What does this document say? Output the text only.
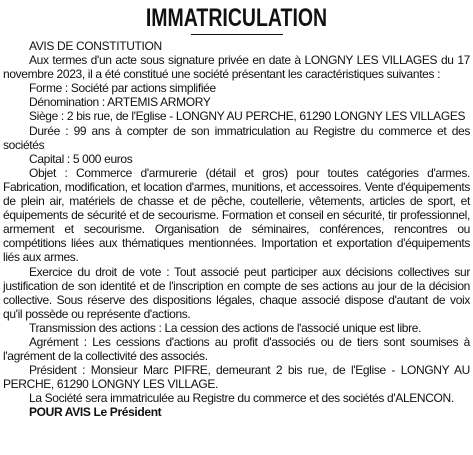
IMMATRICULATION

AVIS DE CONSTITUTION

Aux termes d'un acte sous signature privée en date à LONGNY LES VILLAGES du 17 novembre 2023, il a été constitué une société présentant les caractéristiques suivantes :

Forme : Société par actions simplifiée

Dénomination : ARTEMIS ARMORY

Siège : 2 bis rue, de l'Eglise - LONGNY AU PERCHE, 61290 LONGNY LES VILLAGES

Durée : 99 ans à compter de son immatriculation au Registre du commerce et des sociétés

Capital : 5 000 euros

Objet : Commerce d'armurerie (détail et gros) pour toutes catégories d'armes. Fabrication, modification, et location d'armes, munitions, et accessoires. Vente d'équipements de plein air, matériels de chasse et de pêche, coutellerie, vêtements, articles de sport, et équipements de sécurité et de secourisme. Formation et conseil en sécurité, tir professionnel, armement et secourisme. Organisation de séminaires, conférences, rencontres ou compétitions liées aux thématiques mentionnées. Importation et exportation d'équipements liés aux armes.

Exercice du droit de vote : Tout associé peut participer aux décisions collectives sur justification de son identité et de l'inscription en compte de ses actions au jour de la décision collective. Sous réserve des dispositions légales, chaque associé dispose d'autant de voix qu'il possède ou représente d'actions.

Transmission des actions : La cession des actions de l'associé unique est libre.

Agrément : Les cessions d'actions au profit d'associés ou de tiers sont soumises à l'agrément de la collectivité des associés.

Président : Monsieur Marc PIFRE, demeurant 2 bis rue, de l'Eglise - LONGNY AU PERCHE, 61290 LONGNY LES VILLAGE.

La Société sera immatriculée au Registre du commerce et des sociétés d'ALENCON.

POUR AVIS Le Président
